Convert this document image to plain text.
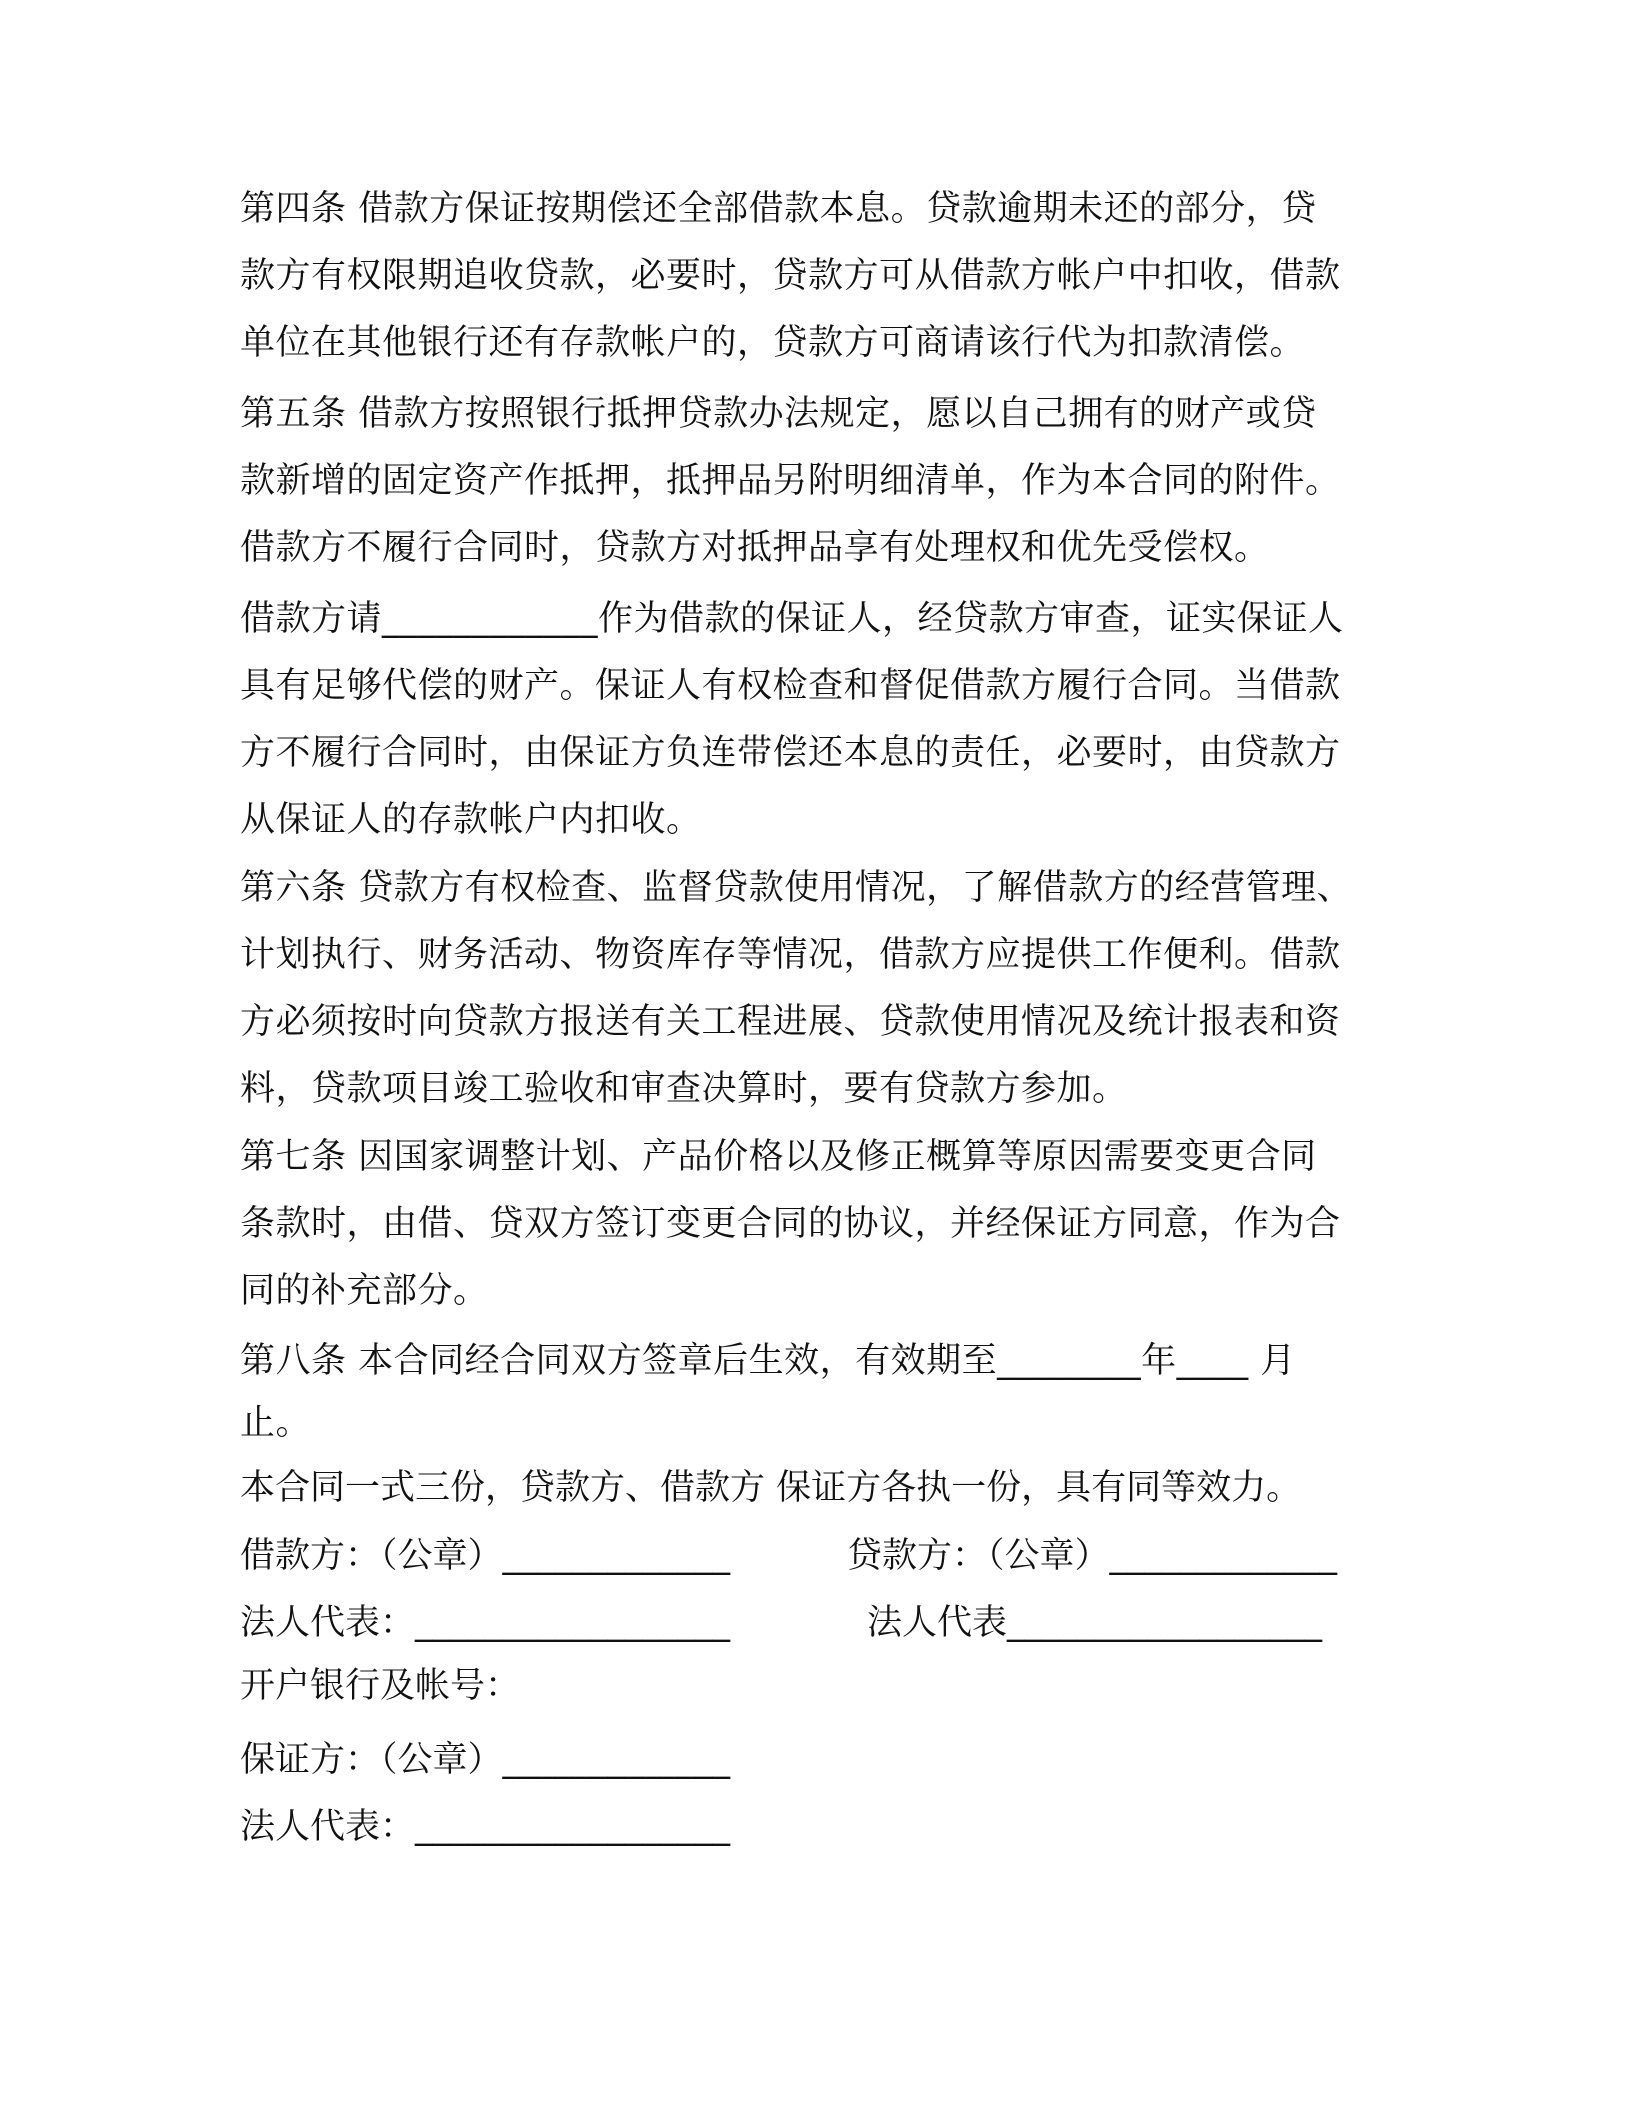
第四条 借款方保证按期偿还全部借款本息。贷款逾期未还的部分，贷
款方有权限期追收贷款，必要时，贷款方可从借款方帐户中扣收，借款
单位在其他银行还有存款帐户的，贷款方可商请该行代为扣款清偿。
第五条 借款方按照银行抵押贷款办法规定，愿以自己拥有的财产或贷
款新增的固定资产作抵押，抵押品另附明细清单，作为本合同的附件。
借款方不履行合同时，贷款方对抵押品享有处理权和优先受偿权。
借款方请____________作为借款的保证人，经贷款方审查，证实保证人
具有足够代偿的财产。保证人有权检查和督促借款方履行合同。当借款
方不履行合同时，由保证方负连带偿还本息的责任，必要时，由贷款方
从保证人的存款帐户内扣收。
第六条 贷款方有权检查、监督贷款使用情况，了解借款方的经营管理、
计划执行、财务活动、物资库存等情况，借款方应提供工作便利。借款
方必须按时向贷款方报送有关工程进展、贷款使用情况及统计报表和资
料，贷款项目竣工验收和审查决算时，要有贷款方参加。
第七条 因国家调整计划、产品价格以及修正概算等原因需要变更合同
条款时，由借、贷双方签订变更合同的协议，并经保证方同意，作为合
同的补充部分。
第八条 本合同经合同双方签章后生效，有效期至________年____ 月
止。
本合同一式三份，贷款方、借款方 保证方各执一份，具有同等效力。
借款方：（公章）_____________	贷款方：（公章）_____________
法人代表：__________________	法人代表__________________
开户银行及帐号：
保证方：（公章）_____________
法人代表：__________________
